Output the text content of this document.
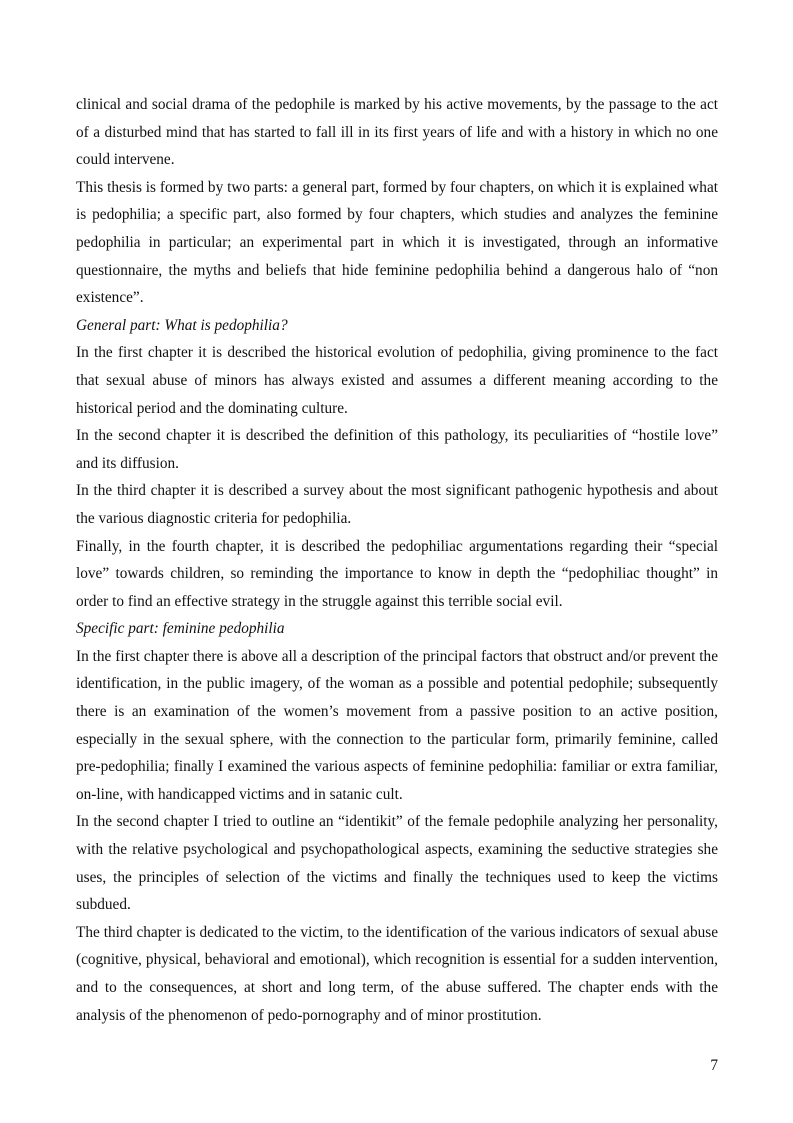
clinical and social drama of the pedophile is marked by his active movements, by the passage to the act of a disturbed mind that has started to fall ill in its first years of life and with a history in which no one could intervene.

This thesis is formed by two parts: a general part, formed by four chapters, on which it is explained what is pedophilia; a specific part, also formed by four chapters, which studies and analyzes the feminine pedophilia in particular; an experimental part in which it is investigated, through an informative questionnaire, the myths and beliefs that hide feminine pedophilia behind a dangerous halo of “non existence”.

General part: What is pedophilia?

In the first chapter it is described the historical evolution of pedophilia, giving prominence to the fact that sexual abuse of minors has always existed and assumes a different meaning according to the historical period and the dominating culture.

In the second chapter it is described the definition of this pathology, its peculiarities of “hostile love” and its diffusion.

In the third chapter it is described a survey about the most significant pathogenic hypothesis and about the various diagnostic criteria for pedophilia.

Finally, in the fourth chapter, it is described the pedophiliac argumentations regarding their “special love” towards children, so reminding the importance to know in depth the “pedophiliac thought” in order to find an effective strategy in the struggle against this terrible social evil.

Specific part: feminine pedophilia

In the first chapter there is above all a description of the principal factors that obstruct and/or prevent the identification, in the public imagery, of the woman as a possible and potential pedophile; subsequently there is an examination of the women’s movement from a passive position to an active position, especially in the sexual sphere, with the connection to the particular form, primarily feminine, called pre-pedophilia; finally I examined the various aspects of feminine pedophilia: familiar or extra familiar, on-line, with handicapped victims and in satanic cult.

In the second chapter I tried to outline an “identikit” of the female pedophile analyzing her personality, with the relative psychological and psychopathological aspects, examining the seductive strategies she uses, the principles of selection of the victims and finally the techniques used to keep the victims subdued.

The third chapter is dedicated to the victim, to the identification of the various indicators of sexual abuse (cognitive, physical, behavioral and emotional), which recognition is essential for a sudden intervention, and to the consequences, at short and long term, of the abuse suffered. The chapter ends with the analysis of the phenomenon of pedo-pornography and of minor prostitution.

7
